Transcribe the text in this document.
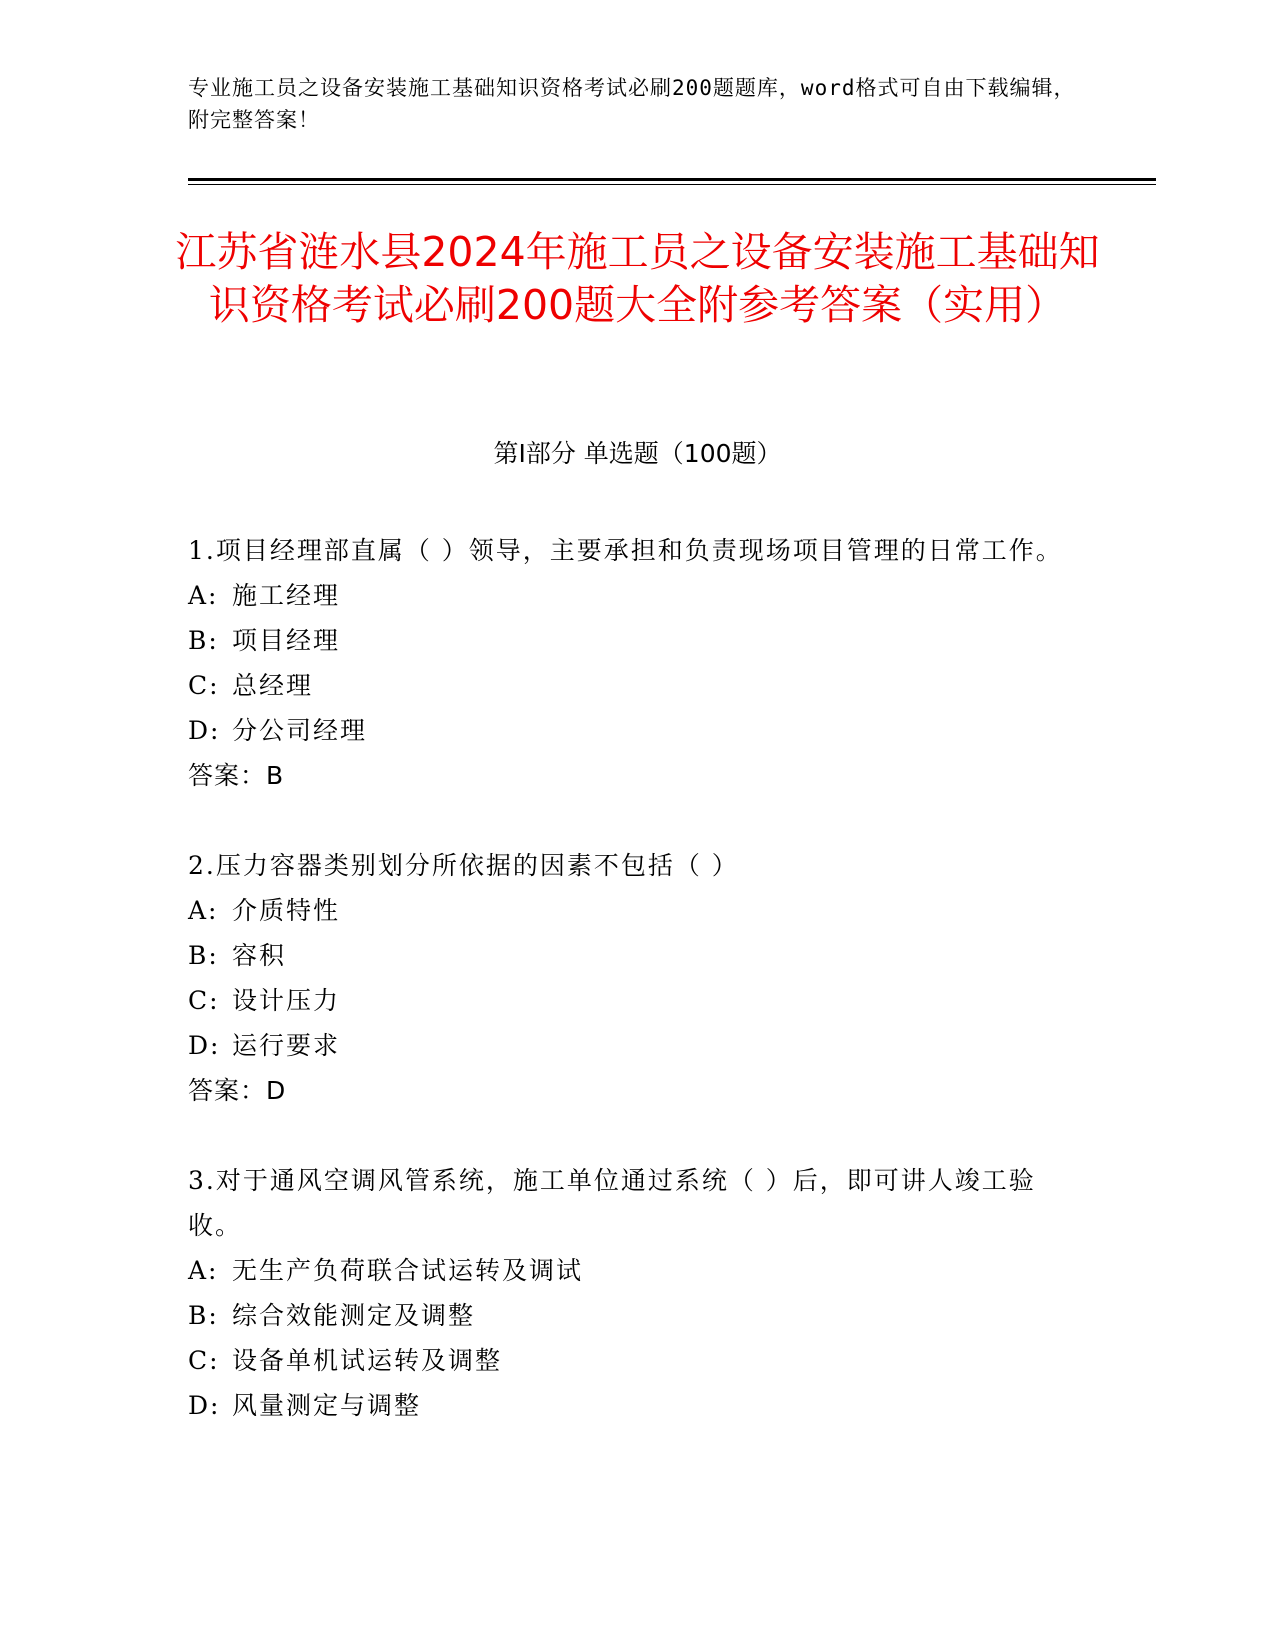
专业施工员之设备安装施工基础知识资格考试必刷200题题库，word格式可自由下载编辑，附完整答案！
江苏省涟水县2024年施工员之设备安装施工基础知识资格考试必刷200题大全附参考答案（实用）
第I部分 单选题（100题）

1.项目经理部直属（ ）领导，主要承担和负责现场项目管理的日常工作。

A: 施工经理

B: 项目经理

C: 总经理

D: 分公司经理

答案：B

2.压力容器类别划分所依据的因素不包括（ ）

A: 介质特性

B: 容积

C: 设计压力

D: 运行要求

答案：D

3.对于通风空调风管系统，施工单位通过系统（ ）后，即可讲人竣工验收。

A: 无生产负荷联合试运转及调试

B: 综合效能测定及调整

C: 设备单机试运转及调整

D: 风量测定与调整
